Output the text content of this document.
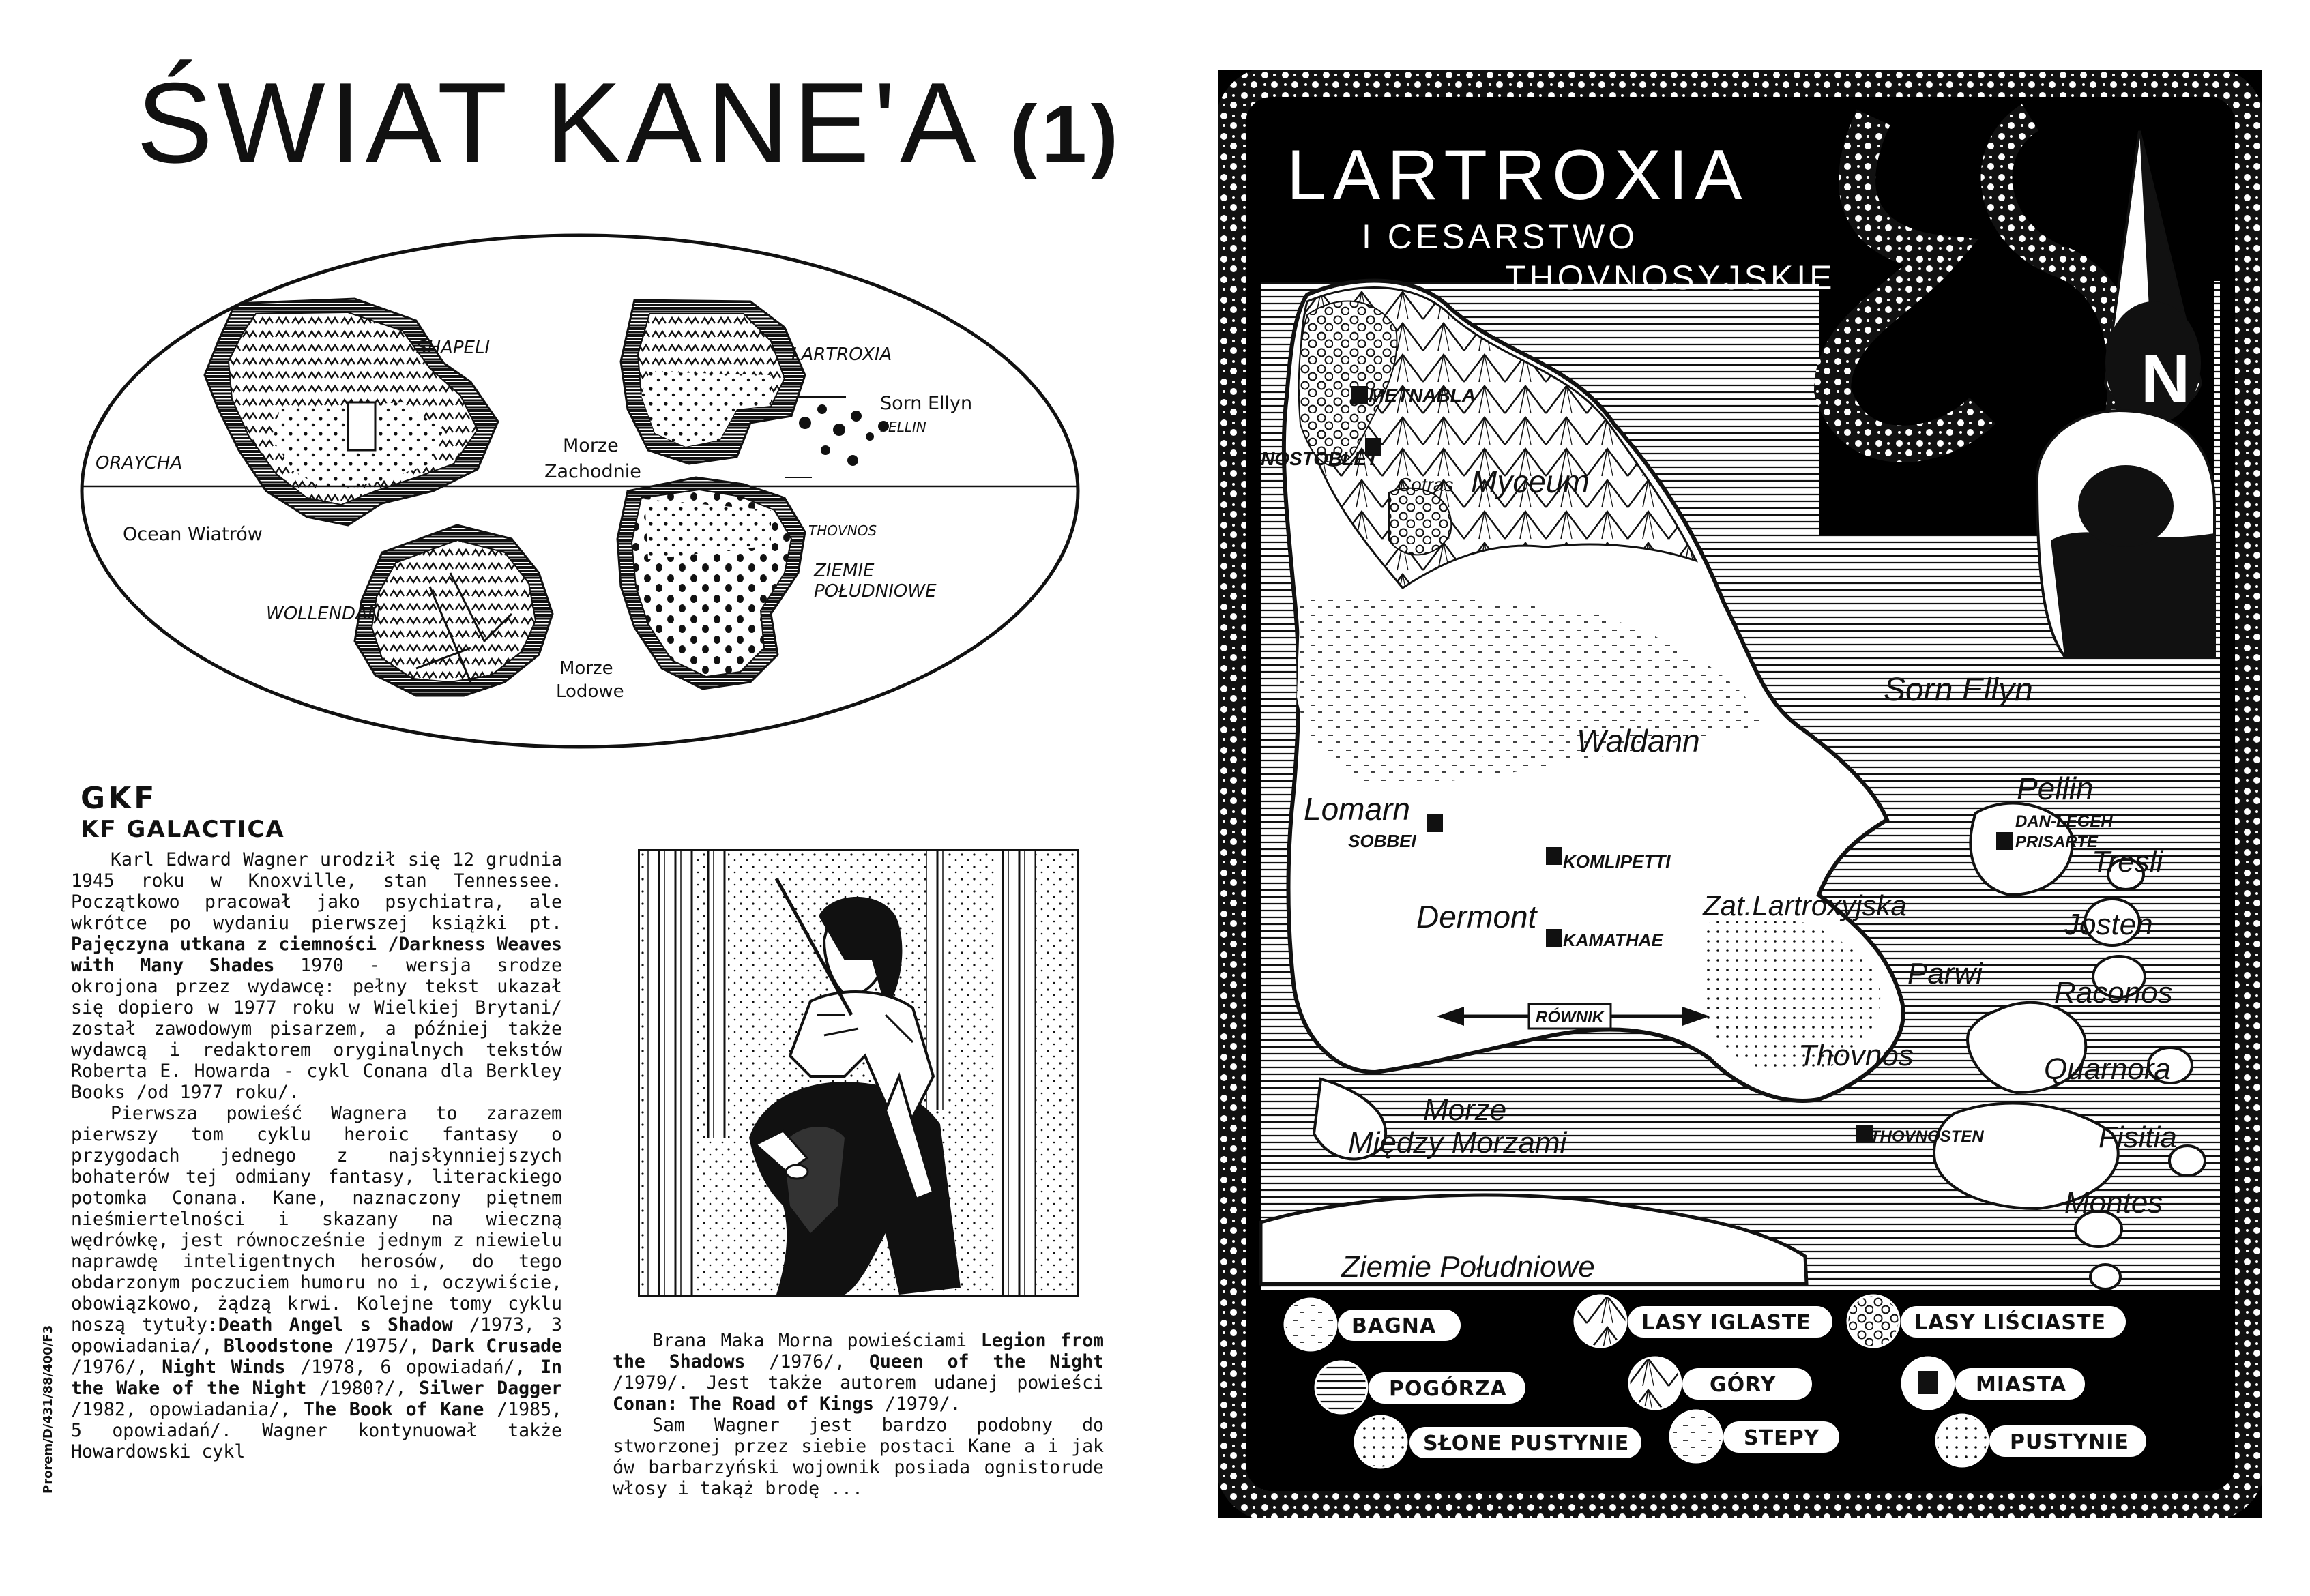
ŚWIAT KANE'A (1)
SHAPELI	LARTROXIA
Sorn Ellyn
PELLIN
ORAYCHA
Morze
Zachodnie
THOVNOS
Ocean Wiatrów
ZIEMIE
POŁUDNIOWE
WOLLENDAN
Morze
Lodowe
GKF
KF GALACTICA

Karl Edward Wagner urodził się 12 grudnia 1945 roku w Knoxville, stan Tennessee. Początkowo pracował jako psychiatra, ale wkrótce po wydaniu pierwszej książki pt. Pajęczyna utkana z ciemności /Darkness Weaves with Many Shades 1970 - wersja srodze okrojona przez wydawcę: pełny tekst ukazał się dopiero w 1977 roku w Wielkiej Brytani/ został zawodowym pisarzem, a później także wydawcą i redaktorem oryginalnych tekstów Roberta E. Howarda - cykl Conana dla Berkley Books /od 1977 roku/.

Pierwsza powieść Wagnera to zarazem pierwszy tom cyklu heroic fantasy o przygodach jednego z najsłynniejszych bohaterów tej odmiany fantasy, literackiego potomka Conana. Kane, naznaczony piętnem nieśmiertelności i skazany na wieczną wędrówkę, jest równocześnie jednym z niewielu naprawdę inteligentnych herosów, do tego obdarzonym poczuciem humoru no i, oczywiście, obowiązkowo, żądzą krwi. Kolejne tomy cyklu noszą tytuły:Death Angel s Shadow /1973, 3 opowiadania/, Bloodstone /1975/, Dark Crusade /1976/, Night Winds /1978, 6 opowiadań/, In the Wake of the Night /1980?/, Silwer Dagger /1982, opowiadania/, The Book of Kane /1985, 5 opowiadań/. Wagner kontynuował także Howardowski cykl

Brana Maka Morna powieściami Legion from the Shadows /1976/, Queen of the Night /1979/. Jest także autorem udanej powieści Conan: The Road of Kings /1979/.

Sam Wagner jest bardzo podobny do stworzonej przez siebie postaci Kane a i jak ów barbarzyński wojownik posiada ognistorude włosy i takąż brodę ...

Prorem/D/431/88/400/F3
LARTROXIA
I CESARSTWO
THOVNOSYJSKIE
N
METNABLA
NOSTOBLET
Cotras Myceum
Sorn Ellyn
Waldann
Lomarn
SOBBEI
Pellin
DAN-LEGEH
PRISARTE
Tresli
KOMLIPETTI
Zat.Lartroxyjska
Dermont
KAMATHAE	Josten
Parwi
Raconos
RÓWNIK
Thovnos	Quarnora
Morze
Między Morzami	THOVNOSTEN	Fisitia
Montes
Ziemie Południowe
BAGNA	LASY IGLASTE	LASY LIŚCIASTE
POGÓRZA	GÓRY	MIASTA
SŁONE PUSTYNIE	STEPY	PUSTYNIE
